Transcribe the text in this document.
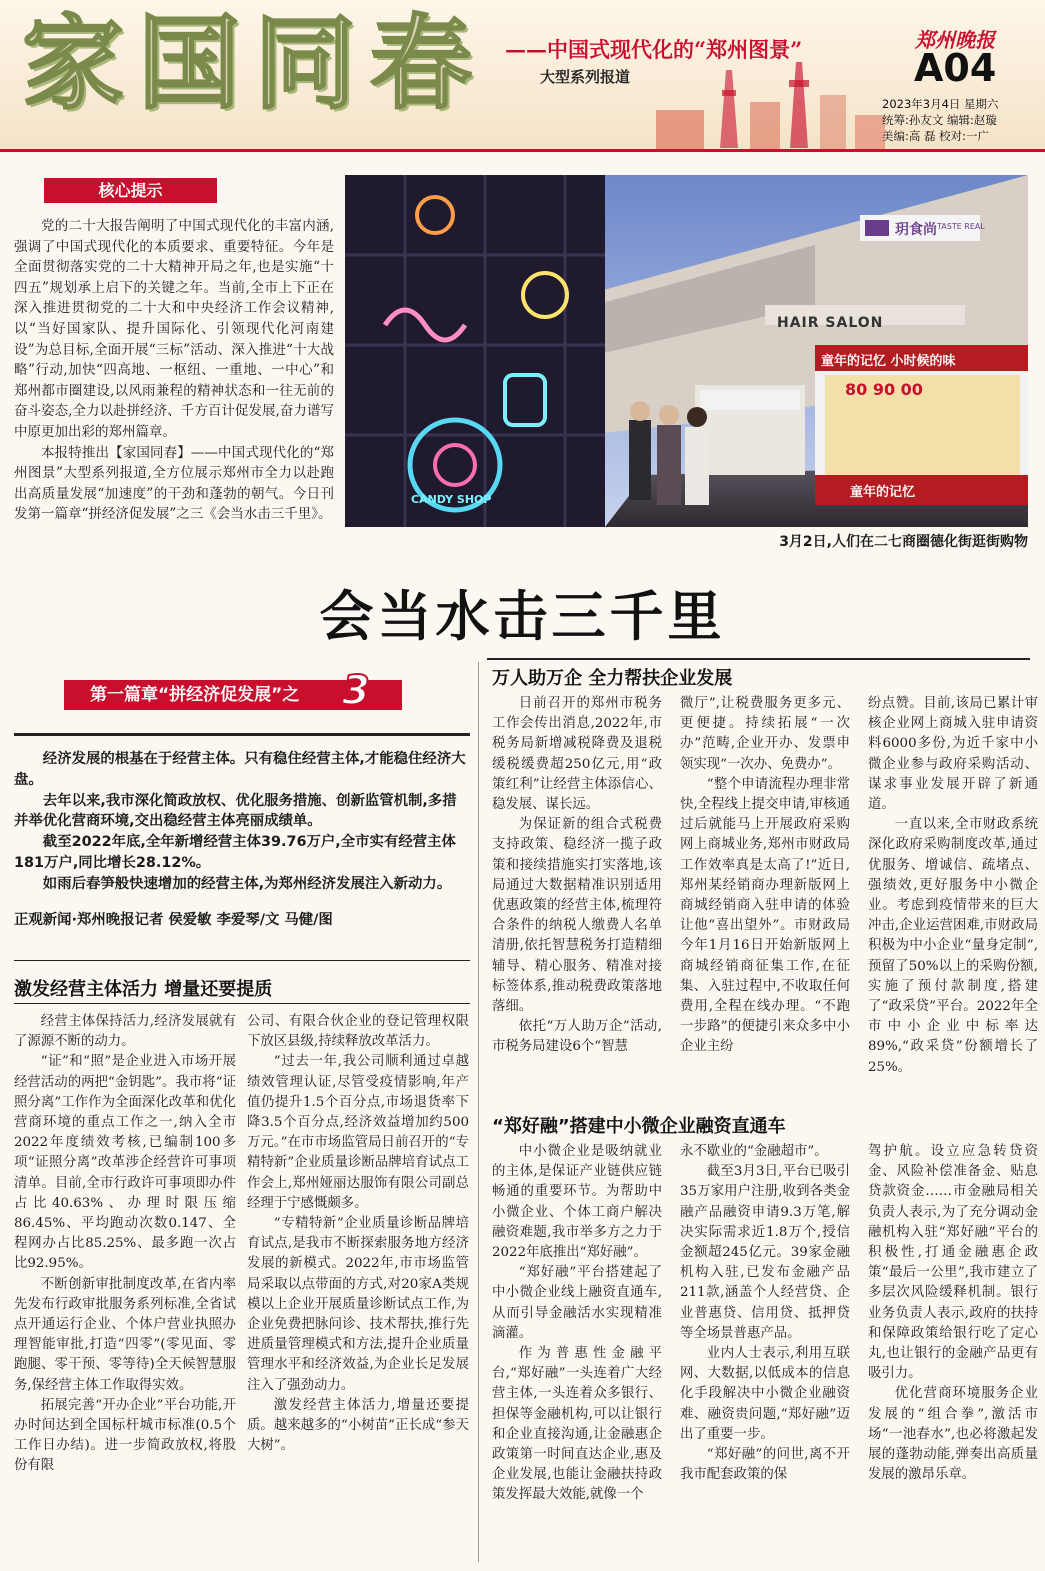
家国同春 ——中国式现代化的“郑州图景”
大型系列报道
郑州晚报
A04
2023年3月4日 星期六
统筹:孙友文 编辑:赵璇
美编:高 磊 校对:一广
核心提示

党的二十大报告阐明了中国式现代化的丰富内涵,强调了中国式现代化的本质要求、重要特征。今年是全面贯彻落实党的二十大精神开局之年,也是实施“十四五”规划承上启下的关键之年。当前,全市上下正在深入推进贯彻党的二十大和中央经济工作会议精神,以“当好国家队、提升国际化、引领现代化河南建设”为总目标,全面开展“三标”活动、深入推进“十大战略”行动,加快“四高地、一枢纽、一重地、一中心”和郑州都市圈建设,以风雨兼程的精神状态和一往无前的奋斗姿态,全力以赴拼经济、千方百计促发展,奋力谱写中原更加出彩的郑州篇章。

本报特推出【家国同春】——中国式现代化的“郑州图景”大型系列报道,全方位展示郑州市全力以赴跑出高质量发展“加速度”的干劲和蓬勃的朝气。今日刊发第一篇章“拼经济促发展”之三《会当水击三千里》。

HAIR SALON
玥食尚 TASTE REAL
CANDY SHOP
童年的记忆 小时候的味
童年的记忆
80 90 00
3月2日,人们在二七商圈德化街逛街购物
会当水击三千里
第一篇章“拼经济促发展”之	3

经济发展的根基在于经营主体。只有稳住经营主体,才能稳住经济大盘。

去年以来,我市深化简政放权、优化服务措施、创新监管机制,多措并举优化营商环境,交出稳经营主体亮丽成绩单。

截至2022年底,全年新增经营主体39.76万户,全市实有经营主体181万户,同比增长28.12%。

如雨后春笋般快速增加的经营主体,为郑州经济发展注入新动力。

正观新闻·郑州晚报记者 侯爱敏 李爱琴/文 马健/图
激发经营主体活力 增量还要提质

经营主体保持活力,经济发展就有了源源不断的动力。

“证”和“照”是企业进入市场开展经营活动的两把“金钥匙”。我市将“证照分离”工作作为全面深化改革和优化营商环境的重点工作之一,纳入全市2022年度绩效考核,已编制100多项“证照分离”改革涉企经营许可事项清单。目前,全市行政许可事项即办件占比40.63%、办理时限压缩86.45%、平均跑动次数0.147、全程网办占比85.25%、最多跑一次占比92.95%。

不断创新审批制度改革,在省内率先发布行政审批服务系列标准,全省试点开通运行企业、个体户营业执照办理智能审批,打造“四零”(零见面、零跑腿、零干预、零等待)全天候智慧服务,保经营主体工作取得实效。

拓展完善“开办企业”平台功能,开办时间达到全国标杆城市标准(0.5个工作日办结)。进一步简政放权,将股份有限

公司、有限合伙企业的登记管理权限下放区县级,持续释放改革活力。

“过去一年,我公司顺利通过卓越绩效管理认证,尽管受疫情影响,年产值仍提升1.5个百分点,市场退货率下降3.5个百分点,经济效益增加约500万元。”在市市场监管局日前召开的“专精特新”企业质量诊断品牌培育试点工作会上,郑州娅丽达服饰有限公司副总经理于宁感慨颇多。

“专精特新”企业质量诊断品牌培育试点,是我市不断探索服务地方经济发展的新模式。2022年,市市场监管局采取以点带面的方式,对20家A类规模以上企业开展质量诊断试点工作,为企业免费把脉问诊、技术帮扶,推行先进质量管理模式和方法,提升企业质量管理水平和经济效益,为企业长足发展注入了强劲动力。

激发经营主体活力,增量还要提质。越来越多的“小树苗”正长成“参天大树”。

万人助万企 全力帮扶企业发展

日前召开的郑州市税务工作会传出消息,2022年,市税务局新增减税降费及退税缓税缓费超250亿元,用“政策红利”让经营主体添信心、稳发展、谋长远。

为保证新的组合式税费支持政策、稳经济一揽子政策和接续措施实打实落地,该局通过大数据精准识别适用优惠政策的经营主体,梳理符合条件的纳税人缴费人名单清册,依托智慧税务打造精细辅导、精心服务、精准对接标签体系,推动税费政策落地落细。

依托“万人助万企”活动,市税务局建设6个“智慧

微厅”,让税费服务更多元、更便捷。持续拓展“一次办”范畴,企业开办、发票申领实现“一次办、免费办”。

“整个申请流程办理非常快,全程线上提交申请,审核通过后就能马上开展政府采购网上商城业务,郑州市财政局工作效率真是太高了!”近日,郑州某经销商办理新版网上商城经销商入驻申请的体验让他“喜出望外”。市财政局今年1月16日开始新版网上商城经销商征集工作,在征集、入驻过程中,不收取任何费用,全程在线办理。“不跑一步路”的便捷引来众多中小企业主纷

纷点赞。目前,该局已累计审核企业网上商城入驻申请资料6000多份,为近千家中小微企业参与政府采购活动、谋求事业发展开辟了新通道。

一直以来,全市财政系统深化政府采购制度改革,通过优服务、增诚信、疏堵点、强绩效,更好服务中小微企业。考虑到疫情带来的巨大冲击,企业运营困难,市财政局积极为中小企业“量身定制”,预留了50%以上的采购份额,实施了预付款制度,搭建了“政采贷”平台。2022年全市中小企业中标率达89%,“政采贷”份额增长了25%。

“郑好融”搭建中小微企业融资直通车

中小微企业是吸纳就业的主体,是保证产业链供应链畅通的重要环节。为帮助中小微企业、个体工商户解决融资难题,我市举多方之力于2022年底推出“郑好融”。

“郑好融”平台搭建起了中小微企业线上融资直通车,从而引导金融活水实现精准滴灌。

作为普惠性金融平台,“郑好融”一头连着广大经营主体,一头连着众多银行、担保等金融机构,可以让银行和企业直接沟通,让金融惠企政策第一时间直达企业,惠及企业发展,也能让金融扶持政策发挥最大效能,就像一个

永不歇业的“金融超市”。

截至3月3日,平台已吸引35万家用户注册,收到各类金融产品融资申请9.3万笔,解决实际需求近1.8万个,授信金额超245亿元。39家金融机构入驻,已发布金融产品211款,涵盖个人经营贷、企业普惠贷、信用贷、抵押贷等全场景普惠产品。

业内人士表示,利用互联网、大数据,以低成本的信息化手段解决中小微企业融资难、融资贵问题,“郑好融”迈出了重要一步。

“郑好融”的问世,离不开我市配套政策的保

驾护航。设立应急转贷资金、风险补偿准备金、贴息贷款资金……市金融局相关负责人表示,为了充分调动金融机构入驻“郑好融”平台的积极性,打通金融惠企政策“最后一公里”,我市建立了多层次风险缓释机制。银行业务负责人表示,政府的扶持和保障政策给银行吃了定心丸,也让银行的金融产品更有吸引力。

优化营商环境服务企业发展的“组合拳”,激活市场“一池春水”,也必将激起发展的蓬勃动能,弹奏出高质量发展的激昂乐章。
